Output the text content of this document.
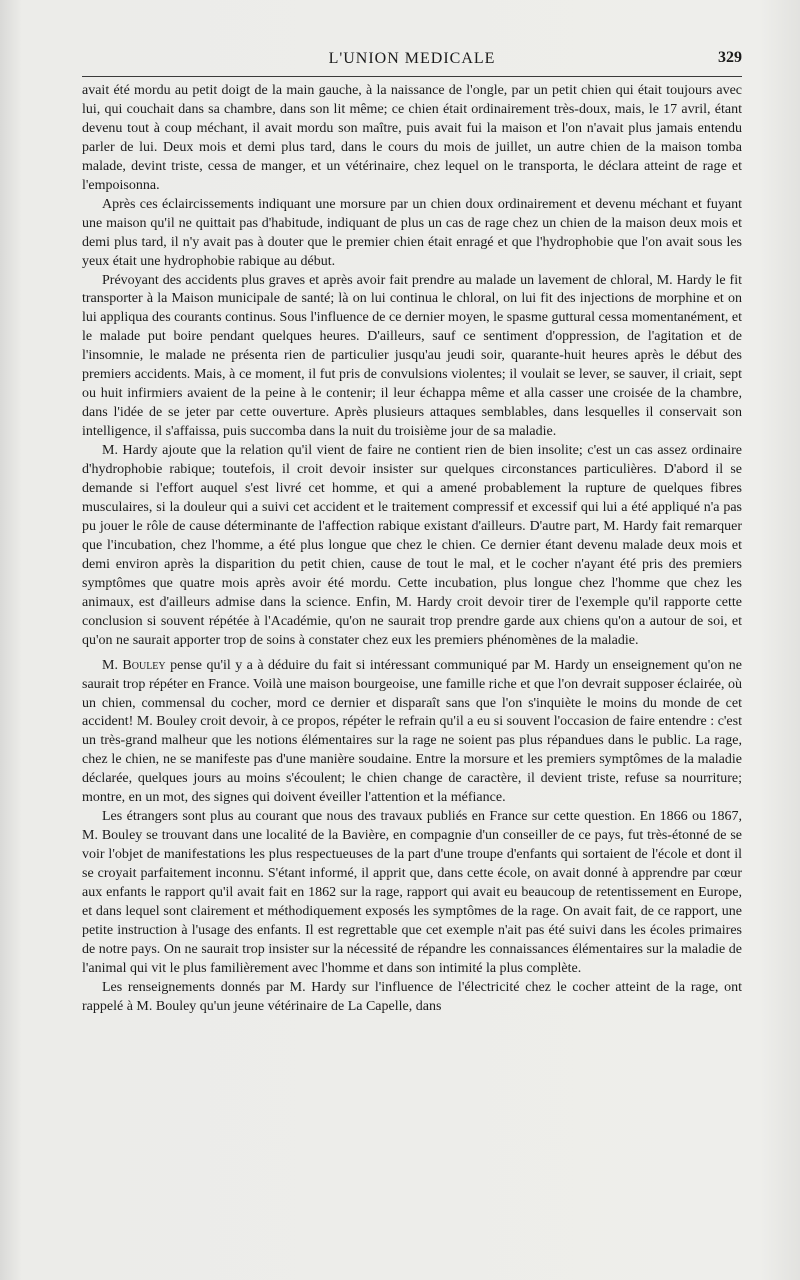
L'UNION MEDICALE	329

avait été mordu au petit doigt de la main gauche, à la naissance de l'ongle, par un petit chien qui était toujours avec lui, qui couchait dans sa chambre, dans son lit même; ce chien était ordinairement très-doux, mais, le 17 avril, étant devenu tout à coup méchant, il avait mordu son maître, puis avait fui la maison et l'on n'avait plus jamais entendu parler de lui. Deux mois et demi plus tard, dans le cours du mois de juillet, un autre chien de la maison tomba malade, devint triste, cessa de manger, et un vétérinaire, chez lequel on le transporta, le déclara atteint de rage et l'empoisonna.

Après ces éclaircissements indiquant une morsure par un chien doux ordinairement et devenu méchant et fuyant une maison qu'il ne quittait pas d'habitude, indiquant de plus un cas de rage chez un chien de la maison deux mois et demi plus tard, il n'y avait pas à douter que le premier chien était enragé et que l'hydrophobie que l'on avait sous les yeux était une hydrophobie rabique au début.

Prévoyant des accidents plus graves et après avoir fait prendre au malade un lavement de chloral, M. Hardy le fit transporter à la Maison municipale de santé; là on lui continua le chloral, on lui fit des injections de morphine et on lui appliqua des courants continus. Sous l'influence de ce dernier moyen, le spasme guttural cessa momentanément, et le malade put boire pendant quelques heures. D'ailleurs, sauf ce sentiment d'oppression, de l'agitation et de l'insomnie, le malade ne présenta rien de particulier jusqu'au jeudi soir, quarante-huit heures après le début des premiers accidents. Mais, à ce moment, il fut pris de convulsions violentes; il voulait se lever, se sauver, il criait, sept ou huit infirmiers avaient de la peine à le contenir; il leur échappa même et alla casser une croisée de la chambre, dans l'idée de se jeter par cette ouverture. Après plusieurs attaques semblables, dans lesquelles il conservait son intelligence, il s'affaissa, puis succomba dans la nuit du troisième jour de sa maladie.

M. Hardy ajoute que la relation qu'il vient de faire ne contient rien de bien insolite; c'est un cas assez ordinaire d'hydrophobie rabique; toutefois, il croit devoir insister sur quelques circonstances particulières. D'abord il se demande si l'effort auquel s'est livré cet homme, et qui a amené probablement la rupture de quelques fibres musculaires, si la douleur qui a suivi cet accident et le traitement compressif et excessif qui lui a été appliqué n'a pas pu jouer le rôle de cause déterminante de l'affection rabique existant d'ailleurs. D'autre part, M. Hardy fait remarquer que l'incubation, chez l'homme, a été plus longue que chez le chien. Ce dernier étant devenu malade deux mois et demi environ après la disparition du petit chien, cause de tout le mal, et le cocher n'ayant été pris des premiers symptômes que quatre mois après avoir été mordu. Cette incubation, plus longue chez l'homme que chez les animaux, est d'ailleurs admise dans la science. Enfin, M. Hardy croit devoir tirer de l'exemple qu'il rapporte cette conclusion si souvent répétée à l'Académie, qu'on ne saurait trop prendre garde aux chiens qu'on a autour de soi, et qu'on ne saurait apporter trop de soins à constater chez eux les premiers phénomènes de la maladie.

M. Bouley pense qu'il y a à déduire du fait si intéressant communiqué par M. Hardy un enseignement qu'on ne saurait trop répéter en France. Voilà une maison bourgeoise, une famille riche et que l'on devrait supposer éclairée, où un chien, commensal du cocher, mord ce dernier et disparaît sans que l'on s'inquiète le moins du monde de cet accident! M. Bouley croit devoir, à ce propos, répéter le refrain qu'il a eu si souvent l'occasion de faire entendre : c'est un très-grand malheur que les notions élémentaires sur la rage ne soient pas plus répandues dans le public. La rage, chez le chien, ne se manifeste pas d'une manière soudaine. Entre la morsure et les premiers symptômes de la maladie déclarée, quelques jours au moins s'écoulent; le chien change de caractère, il devient triste, refuse sa nourriture; montre, en un mot, des signes qui doivent éveiller l'attention et la méfiance.

Les étrangers sont plus au courant que nous des travaux publiés en France sur cette question. En 1866 ou 1867, M. Bouley se trouvant dans une localité de la Bavière, en compagnie d'un conseiller de ce pays, fut très-étonné de se voir l'objet de manifestations les plus respectueuses de la part d'une troupe d'enfants qui sortaient de l'école et dont il se croyait parfaitement inconnu. S'étant informé, il apprit que, dans cette école, on avait donné à apprendre par cœur aux enfants le rapport qu'il avait fait en 1862 sur la rage, rapport qui avait eu beaucoup de retentissement en Europe, et dans lequel sont clairement et méthodiquement exposés les symptômes de la rage. On avait fait, de ce rapport, une petite instruction à l'usage des enfants. Il est regrettable que cet exemple n'ait pas été suivi dans les écoles primaires de notre pays. On ne saurait trop insister sur la nécessité de répandre les connaissances élémentaires sur la maladie de l'animal qui vit le plus familièrement avec l'homme et dans son intimité la plus complète.

Les renseignements donnés par M. Hardy sur l'influence de l'électricité chez le cocher atteint de la rage, ont rappelé à M. Bouley qu'un jeune vétérinaire de La Capelle, dans
